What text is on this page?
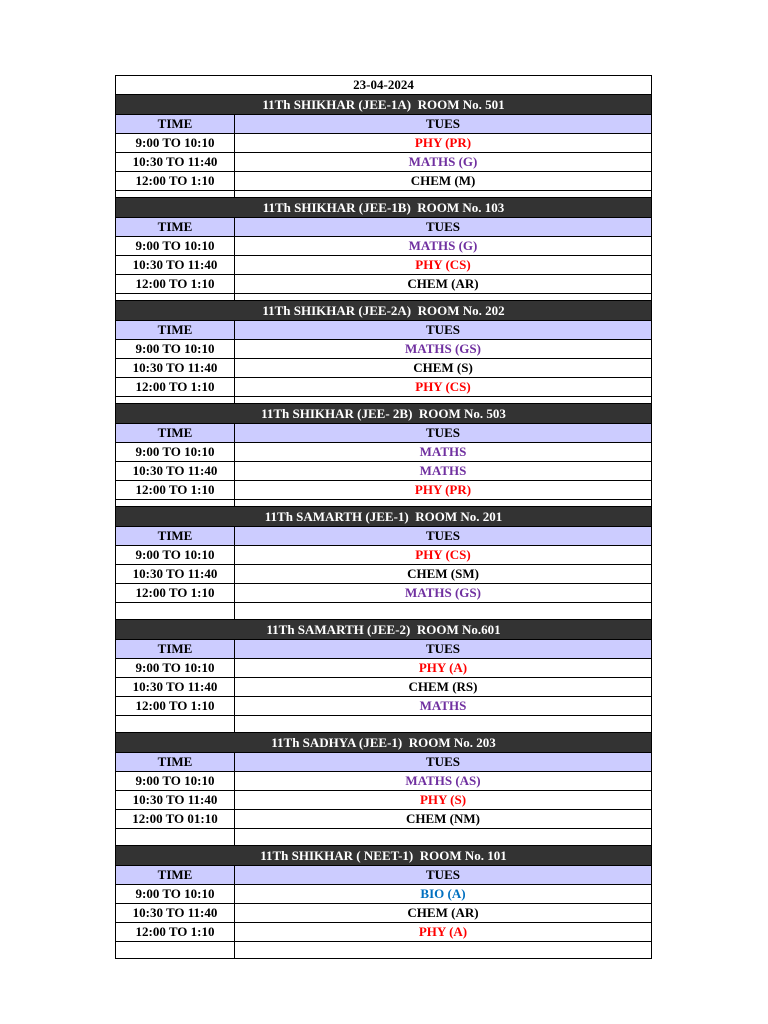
23-04-2024
11Th SHIKHAR (JEE-1A)  ROOM No. 501
TIME	TUES
9:00 TO 10:10	PHY (PR)
10:30 TO 11:40	MATHS (G)
12:00 TO 1:10	CHEM (M)
11Th SHIKHAR (JEE-1B)  ROOM No. 103
TIME	TUES
9:00 TO 10:10	MATHS (G)
10:30 TO 11:40	PHY (CS)
12:00 TO 1:10	CHEM (AR)
11Th SHIKHAR (JEE-2A)  ROOM No. 202
TIME	TUES
9:00 TO 10:10	MATHS (GS)
10:30 TO 11:40	CHEM (S)
12:00 TO 1:10	PHY (CS)
11Th SHIKHAR (JEE- 2B)  ROOM No. 503
TIME	TUES
9:00 TO 10:10	MATHS
10:30 TO 11:40	MATHS
12:00 TO 1:10	PHY (PR)
11Th SAMARTH (JEE-1)  ROOM No. 201
TIME	TUES
9:00 TO 10:10	PHY (CS)
10:30 TO 11:40	CHEM (SM)
12:00 TO 1:10	MATHS (GS)
11Th SAMARTH (JEE-2)  ROOM No.601
TIME	TUES
9:00 TO 10:10	PHY (A)
10:30 TO 11:40	CHEM (RS)
12:00 TO 1:10	MATHS
11Th SADHYA (JEE-1)  ROOM No. 203
TIME	TUES
9:00 TO 10:10	MATHS (AS)
10:30 TO 11:40	PHY (S)
12:00 TO 01:10	CHEM (NM)
11Th SHIKHAR ( NEET-1)  ROOM No. 101
TIME	TUES
9:00 TO 10:10	BIO (A)
10:30 TO 11:40	CHEM (AR)
12:00 TO 1:10	PHY (A)
